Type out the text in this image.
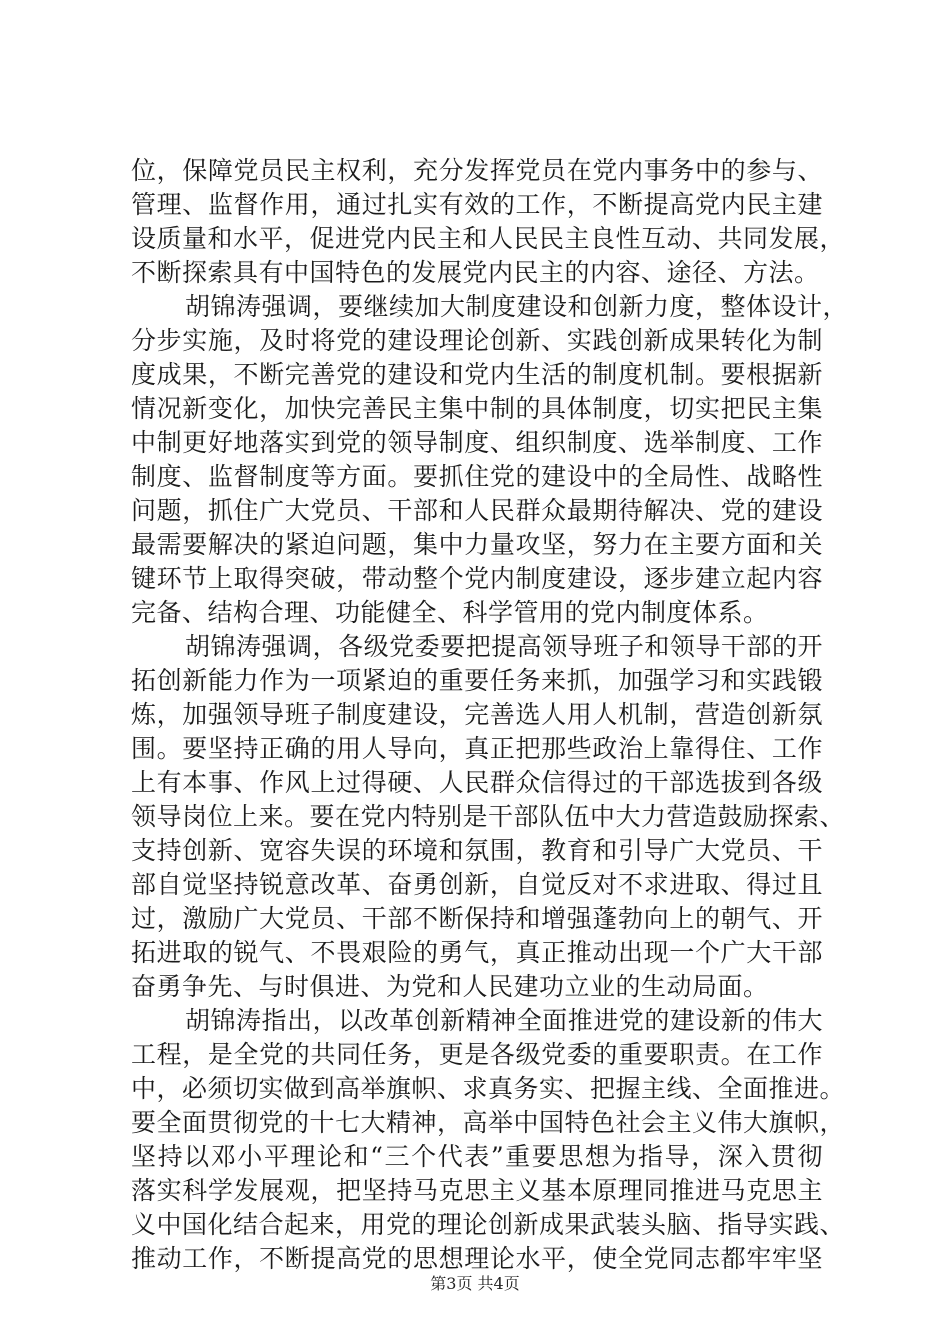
位，保障党员民主权利，充分发挥党员在党内事务中的参与、
管理、监督作用，通过扎实有效的工作，不断提高党内民主建
设质量和水平，促进党内民主和人民民主良性互动、共同发展，
不断探索具有中国特色的发展党内民主的内容、途径、方法。
胡锦涛强调，要继续加大制度建设和创新力度，整体设计，
分步实施，及时将党的建设理论创新、实践创新成果转化为制
度成果，不断完善党的建设和党内生活的制度机制。要根据新
情况新变化，加快完善民主集中制的具体制度，切实把民主集
中制更好地落实到党的领导制度、组织制度、选举制度、工作
制度、监督制度等方面。要抓住党的建设中的全局性、战略性
问题，抓住广大党员、干部和人民群众最期待解决、党的建设
最需要解决的紧迫问题，集中力量攻坚，努力在主要方面和关
键环节上取得突破，带动整个党内制度建设，逐步建立起内容
完备、结构合理、功能健全、科学管用的党内制度体系。
胡锦涛强调，各级党委要把提高领导班子和领导干部的开
拓创新能力作为一项紧迫的重要任务来抓，加强学习和实践锻
炼，加强领导班子制度建设，完善选人用人机制，营造创新氛
围。要坚持正确的用人导向，真正把那些政治上靠得住、工作
上有本事、作风上过得硬、人民群众信得过的干部选拔到各级
领导岗位上来。要在党内特别是干部队伍中大力营造鼓励探索、
支持创新、宽容失误的环境和氛围，教育和引导广大党员、干
部自觉坚持锐意改革、奋勇创新，自觉反对不求进取、得过且
过，激励广大党员、干部不断保持和增强蓬勃向上的朝气、开
拓进取的锐气、不畏艰险的勇气，真正推动出现一个广大干部
奋勇争先、与时俱进、为党和人民建功立业的生动局面。
胡锦涛指出，以改革创新精神全面推进党的建设新的伟大
工程，是全党的共同任务，更是各级党委的重要职责。在工作
中，必须切实做到高举旗帜、求真务实、把握主线、全面推进。
要全面贯彻党的十七大精神，高举中国特色社会主义伟大旗帜，
坚持以邓小平理论和“三个代表”重要思想为指导，深入贯彻
落实科学发展观，把坚持马克思主义基本原理同推进马克思主
义中国化结合起来，用党的理论创新成果武装头脑、指导实践、
推动工作，不断提高党的思想理论水平，使全党同志都牢牢坚
第3页 共4页
